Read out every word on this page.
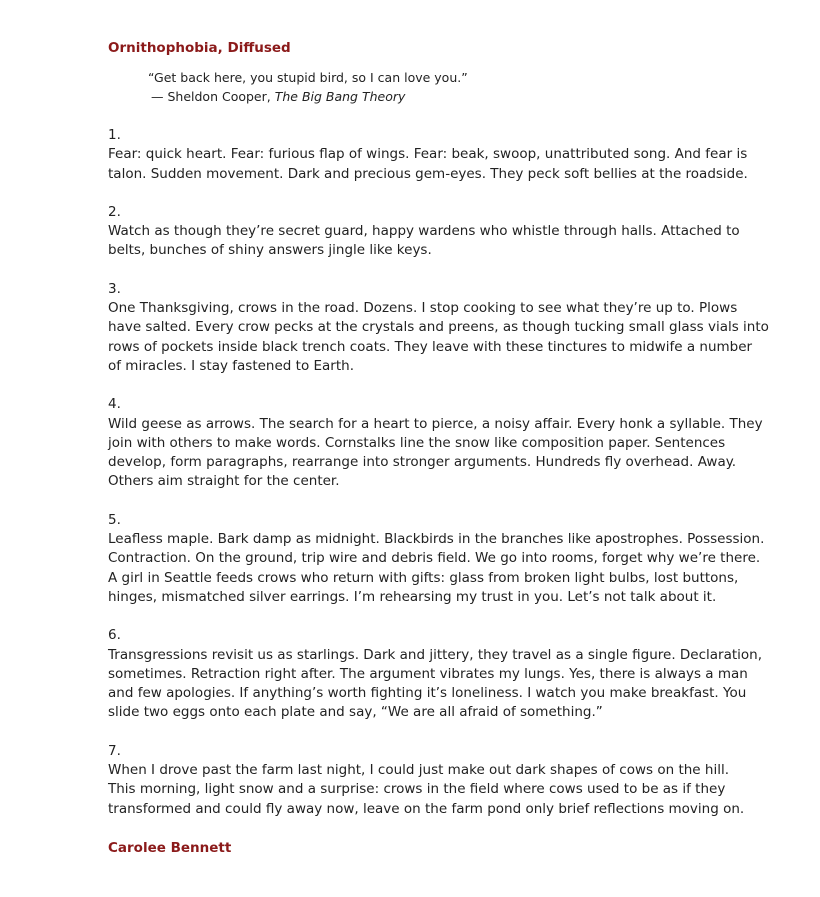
Ornithophobia, Diffused
“Get back here, you stupid bird, so I can love you.”
— Sheldon Cooper, The Big Bang Theory
1.
Fear: quick heart. Fear: furious flap of wings. Fear: beak, swoop, unattributed song. And fear is
talon. Sudden movement. Dark and precious gem-eyes. They peck soft bellies at the roadside.
2.
Watch as though they’re secret guard, happy wardens who whistle through halls. Attached to
belts, bunches of shiny answers jingle like keys.
3.
One Thanksgiving, crows in the road. Dozens. I stop cooking to see what they’re up to. Plows
have salted. Every crow pecks at the crystals and preens, as though tucking small glass vials into
rows of pockets inside black trench coats. They leave with these tinctures to midwife a number
of miracles. I stay fastened to Earth.
4.
Wild geese as arrows. The search for a heart to pierce, a noisy affair. Every honk a syllable. They
join with others to make words. Cornstalks line the snow like composition paper. Sentences
develop, form paragraphs, rearrange into stronger arguments. Hundreds fly overhead. Away.
Others aim straight for the center.
5.
Leafless maple. Bark damp as midnight. Blackbirds in the branches like apostrophes. Possession.
Contraction. On the ground, trip wire and debris field. We go into rooms, forget why we’re there.
A girl in Seattle feeds crows who return with gifts: glass from broken light bulbs, lost buttons,
hinges, mismatched silver earrings. I’m rehearsing my trust in you. Let’s not talk about it.
6.
Transgressions revisit us as starlings. Dark and jittery, they travel as a single figure. Declaration,
sometimes. Retraction right after. The argument vibrates my lungs. Yes, there is always a man
and few apologies. If anything’s worth fighting it’s loneliness. I watch you make breakfast. You
slide two eggs onto each plate and say, “We are all afraid of something.”
7.
When I drove past the farm last night, I could just make out dark shapes of cows on the hill.
This morning, light snow and a surprise: crows in the field where cows used to be as if they
transformed and could fly away now, leave on the farm pond only brief reflections moving on.
Carolee Bennett
